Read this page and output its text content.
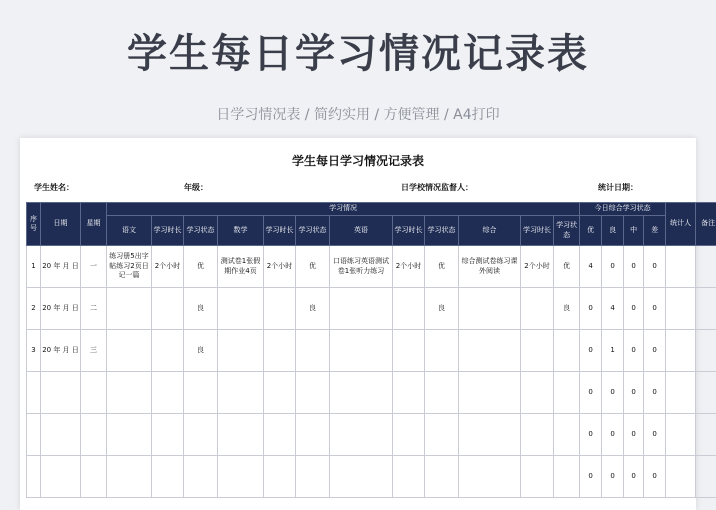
学生每日学习情况记录表
日学习情况表 / 简约实用 / 方便管理 / A4打印
学生每日学习情况记录表
学生姓名：	年级：	日学校情况监督人：	统计日期：
序号	日期	星期	学习情况												今日综合学习状态				统计人	备注
			语文	学习时长	学习状态	数学	学习时长	学习状态	英语	学习时长	学习状态	综合	学习时长	学习状态	优	良	中	差		
1	20 年 月 日	一	练习册5出字帖练习2页日记一篇	2个小时	优	测试卷1张假期作业4页	2个小时	优	口语练习英语测试卷1张听力练习	2个小时	优	综合测试卷练习课外阅读	2个小时	优	4	0	0	0		
2	20 年 月 日	二			良			良			良			良	0	4	0	0		
3	20 年 月 日	三			良										0	1	0	0		
															0	0	0	0		
															0	0	0	0		
															0	0	0	0		
